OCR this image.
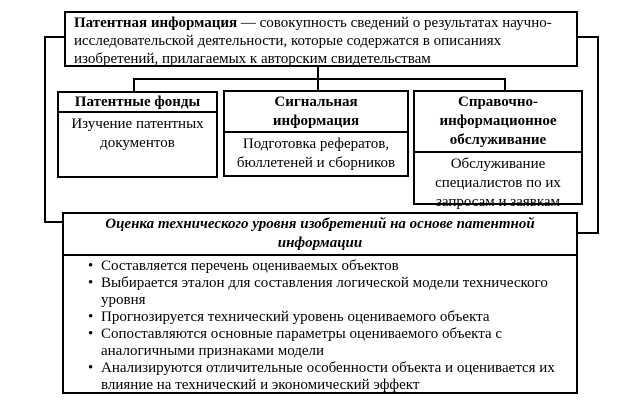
Патентная информация — совокупность сведений о результатах научно-исследовательской деятельности, которые содержатся в описаниях изобретений, прилагаемых к авторским свидетельствам
Патентные фонды
Изучение патентных документов
Сигнальная информация
Подготовка рефератов, бюллетеней и сборников
Справочно-информационное обслуживание
Обслуживание специалистов по их запросам и заявкам
Оценка технического уровня изобретений на основе патентной информации
• Составляется перечень оцениваемых объектов
• Выбирается эталон для составления логической модели технического уровня
• Прогнозируется технический уровень оцениваемого объекта
• Сопоставляются основные параметры оцениваемого объекта с аналогичными признаками модели
• Анализируются отличительные особенности объекта и оценивается их влияние на технический и экономический эффект
